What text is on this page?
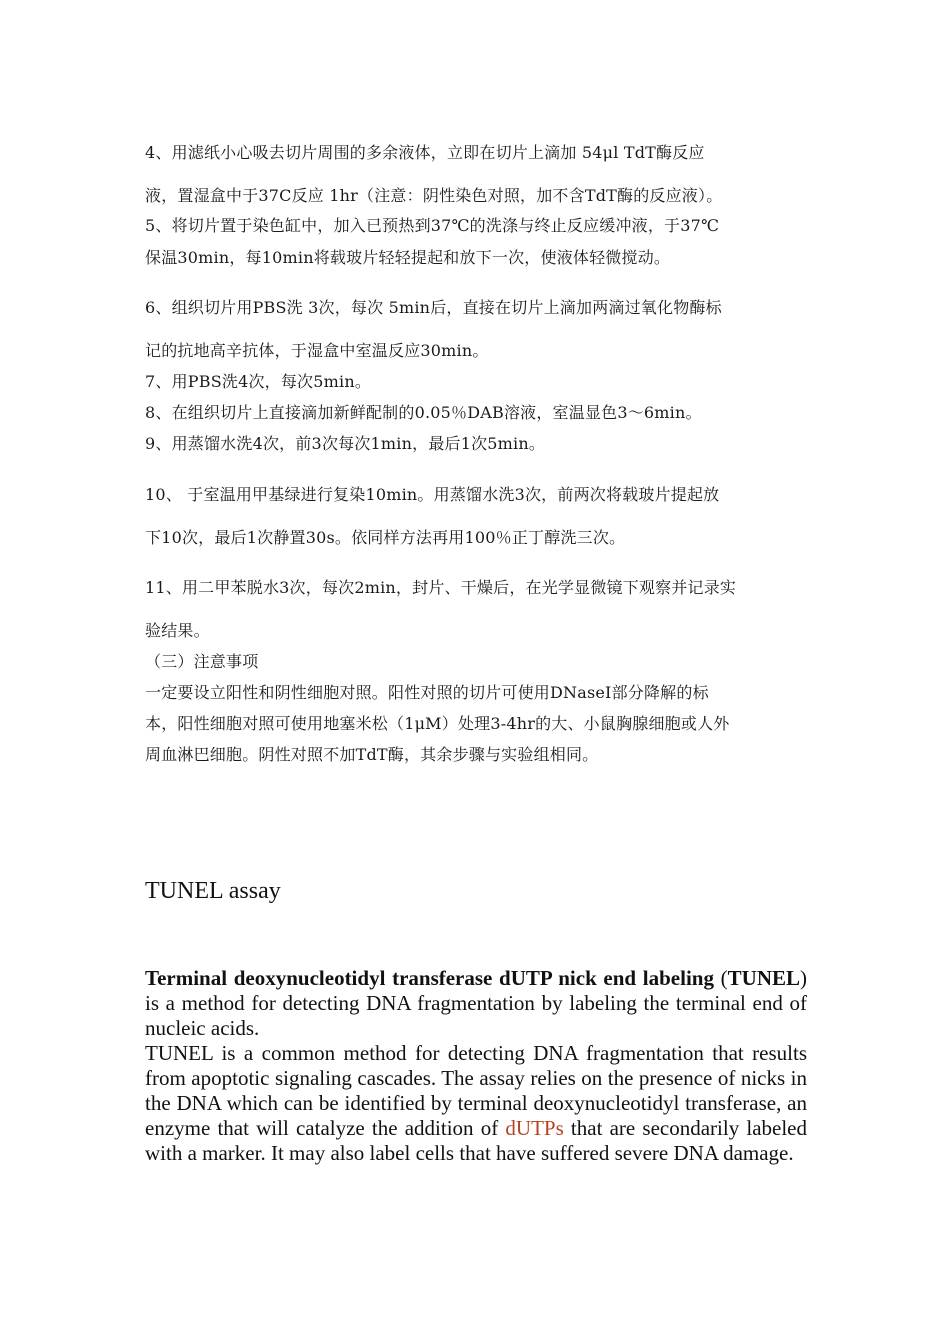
4、用滤纸小心吸去切片周围的多余液体，立即在切片上滴加 54μl TdT酶反应
液，置湿盒中于37C反应 1hr（注意：阴性染色对照，加不含TdT酶的反应液）。
5、将切片置于染色缸中，加入已预热到37℃的洗涤与终止反应缓冲液，于37℃
保温30min，每10min将载玻片轻轻提起和放下一次，使液体轻微搅动。
6、组织切片用PBS洗 3次，每次 5min后，直接在切片上滴加两滴过氧化物酶标
记的抗地高辛抗体，于湿盒中室温反应30min。
7、用PBS洗4次，每次5min。
8、在组织切片上直接滴加新鲜配制的0.05％DAB溶液，室温显色3～6min。
9、用蒸馏水洗4次，前3次每次1min，最后1次5min。
10、 于室温用甲基绿进行复染10min。用蒸馏水洗3次，前两次将载玻片提起放
下10次，最后1次静置30s。依同样方法再用100％正丁醇洗三次。
11、用二甲苯脱水3次，每次2min，封片、干燥后，在光学显微镜下观察并记录实
验结果。
（三）注意事项
一定要设立阳性和阴性细胞对照。阳性对照的切片可使用DNaseI部分降解的标
本，阳性细胞对照可使用地塞米松（1μM）处理3-4hr的大、小鼠胸腺细胞或人外
周血淋巴细胞。阴性对照不加TdT酶，其余步骤与实验组相同。
TUNEL assay
Terminal deoxynucleotidyl transferase dUTP nick end labeling (TUNEL) is a method for detecting DNA fragmentation by labeling the terminal end of nucleic acids.
TUNEL is a common method for detecting DNA fragmentation that results from apoptotic signaling cascades. The assay relies on the presence of nicks in the DNA which can be identified by terminal deoxynucleotidyl transferase, an enzyme that will catalyze the addition of dUTPs that are secondarily labeled with a marker. It may also label cells that have suffered severe DNA damage.
